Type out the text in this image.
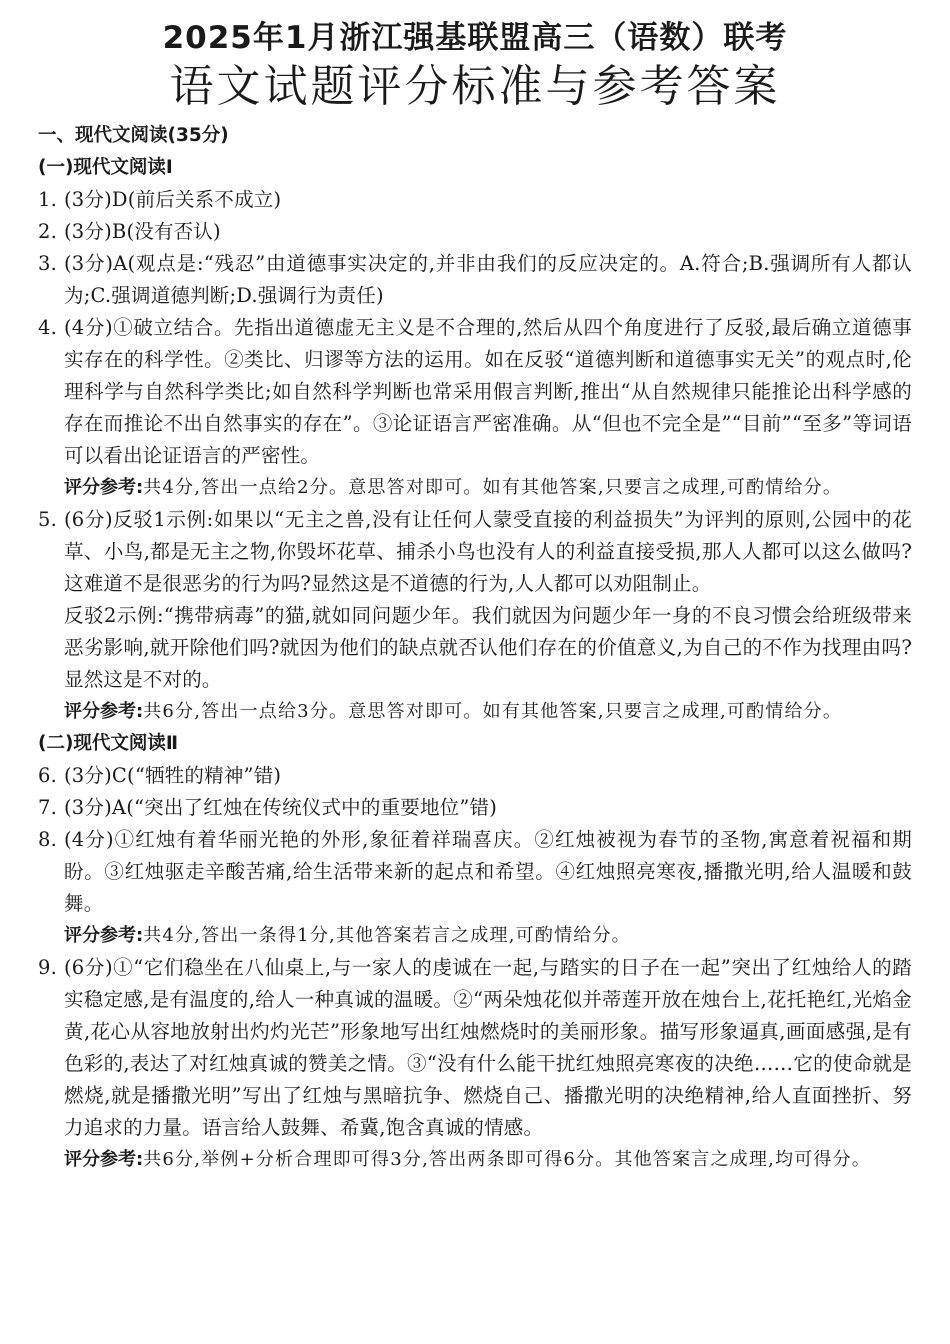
2025年1月浙江强基联盟高三（语数）联考
语文试题评分标准与参考答案
一、现代文阅读(35分)
(一)现代文阅读Ⅰ
1. (3分)D(前后关系不成立)
2. (3分)B(没有否认)
3. (3分)A(观点是:“残忍”由道德事实决定的,并非由我们的反应决定的。A.符合;B.强调所有人都认为;C.强调道德判断;D.强调行为责任)
4. (4分)①破立结合。先指出道德虚无主义是不合理的,然后从四个角度进行了反驳,最后确立道德事实存在的科学性。②类比、归谬等方法的运用。如在反驳“道德判断和道德事实无关”的观点时,伦理科学与自然科学类比;如自然科学判断也常采用假言判断,推出“从自然规律只能推论出科学感的存在而推论不出自然事实的存在”。③论证语言严密准确。从“但也不完全是”“目前”“至多”等词语可以看出论证语言的严密性。
评分参考:共4分,答出一点给2分。意思答对即可。如有其他答案,只要言之成理,可酌情给分。
5. (6分)反驳1示例:如果以“无主之兽,没有让任何人蒙受直接的利益损失”为评判的原则,公园中的花草、小鸟,都是无主之物,你毁坏花草、捕杀小鸟也没有人的利益直接受损,那人人都可以这么做吗?这难道不是很恶劣的行为吗?显然这是不道德的行为,人人都可以劝阻制止。
反驳2示例:“携带病毒”的猫,就如同问题少年。我们就因为问题少年一身的不良习惯会给班级带来恶劣影响,就开除他们吗?就因为他们的缺点就否认他们存在的价值意义,为自己的不作为找理由吗?显然这是不对的。
评分参考:共6分,答出一点给3分。意思答对即可。如有其他答案,只要言之成理,可酌情给分。
(二)现代文阅读Ⅱ
6. (3分)C(“牺牲的精神”错)
7. (3分)A(“突出了红烛在传统仪式中的重要地位”错)
8. (4分)①红烛有着华丽光艳的外形,象征着祥瑞喜庆。②红烛被视为春节的圣物,寓意着祝福和期盼。③红烛驱走辛酸苦痛,给生活带来新的起点和希望。④红烛照亮寒夜,播撒光明,给人温暖和鼓舞。
评分参考:共4分,答出一条得1分,其他答案若言之成理,可酌情给分。
9. (6分)①“它们稳坐在八仙桌上,与一家人的虔诚在一起,与踏实的日子在一起”突出了红烛给人的踏实稳定感,是有温度的,给人一种真诚的温暖。②“两朵烛花似并蒂莲开放在烛台上,花托艳红,光焰金黄,花心从容地放射出灼灼光芒”形象地写出红烛燃烧时的美丽形象。描写形象逼真,画面感强,是有色彩的,表达了对红烛真诚的赞美之情。③“没有什么能干扰红烛照亮寒夜的决绝……它的使命就是燃烧,就是播撒光明”写出了红烛与黑暗抗争、燃烧自己、播撒光明的决绝精神,给人直面挫折、努力追求的力量。语言给人鼓舞、希冀,饱含真诚的情感。
评分参考:共6分,举例+分析合理即可得3分,答出两条即可得6分。其他答案言之成理,均可得分。
